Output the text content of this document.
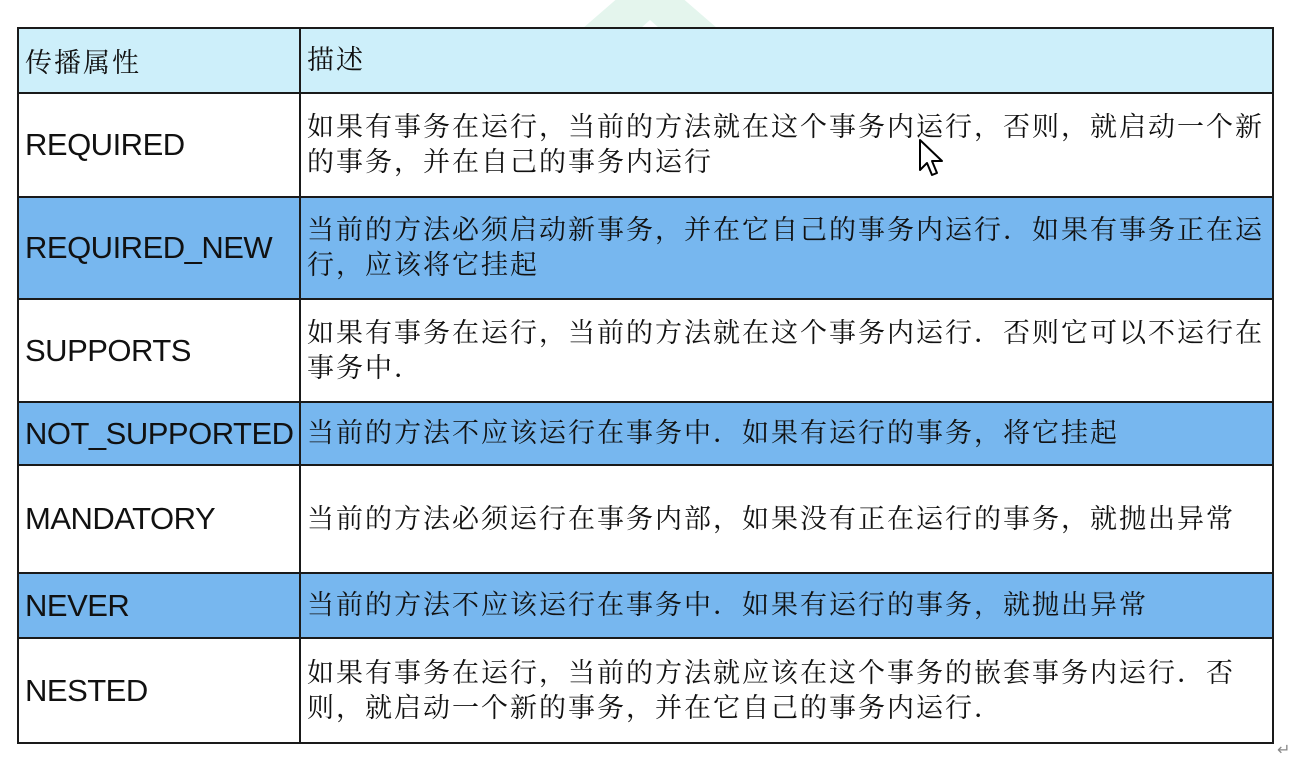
传播属性	描述
REQUIRED	如果有事务在运行，当前的方法就在这个事务内运行，否则，就启动一个新的事务，并在自己的事务内运行
REQUIRED_NEW	当前的方法必须启动新事务，并在它自己的事务内运行．如果有事务正在运行，应该将它挂起
SUPPORTS	如果有事务在运行，当前的方法就在这个事务内运行．否则它可以不运行在事务中．
NOT_SUPPORTED	当前的方法不应该运行在事务中．如果有运行的事务，将它挂起
MANDATORY	当前的方法必须运行在事务内部，如果没有正在运行的事务，就抛出异常
NEVER	当前的方法不应该运行在事务中．如果有运行的事务，就抛出异常
NESTED	如果有事务在运行，当前的方法就应该在这个事务的嵌套事务内运行．否则，就启动一个新的事务，并在它自己的事务内运行．
↵
